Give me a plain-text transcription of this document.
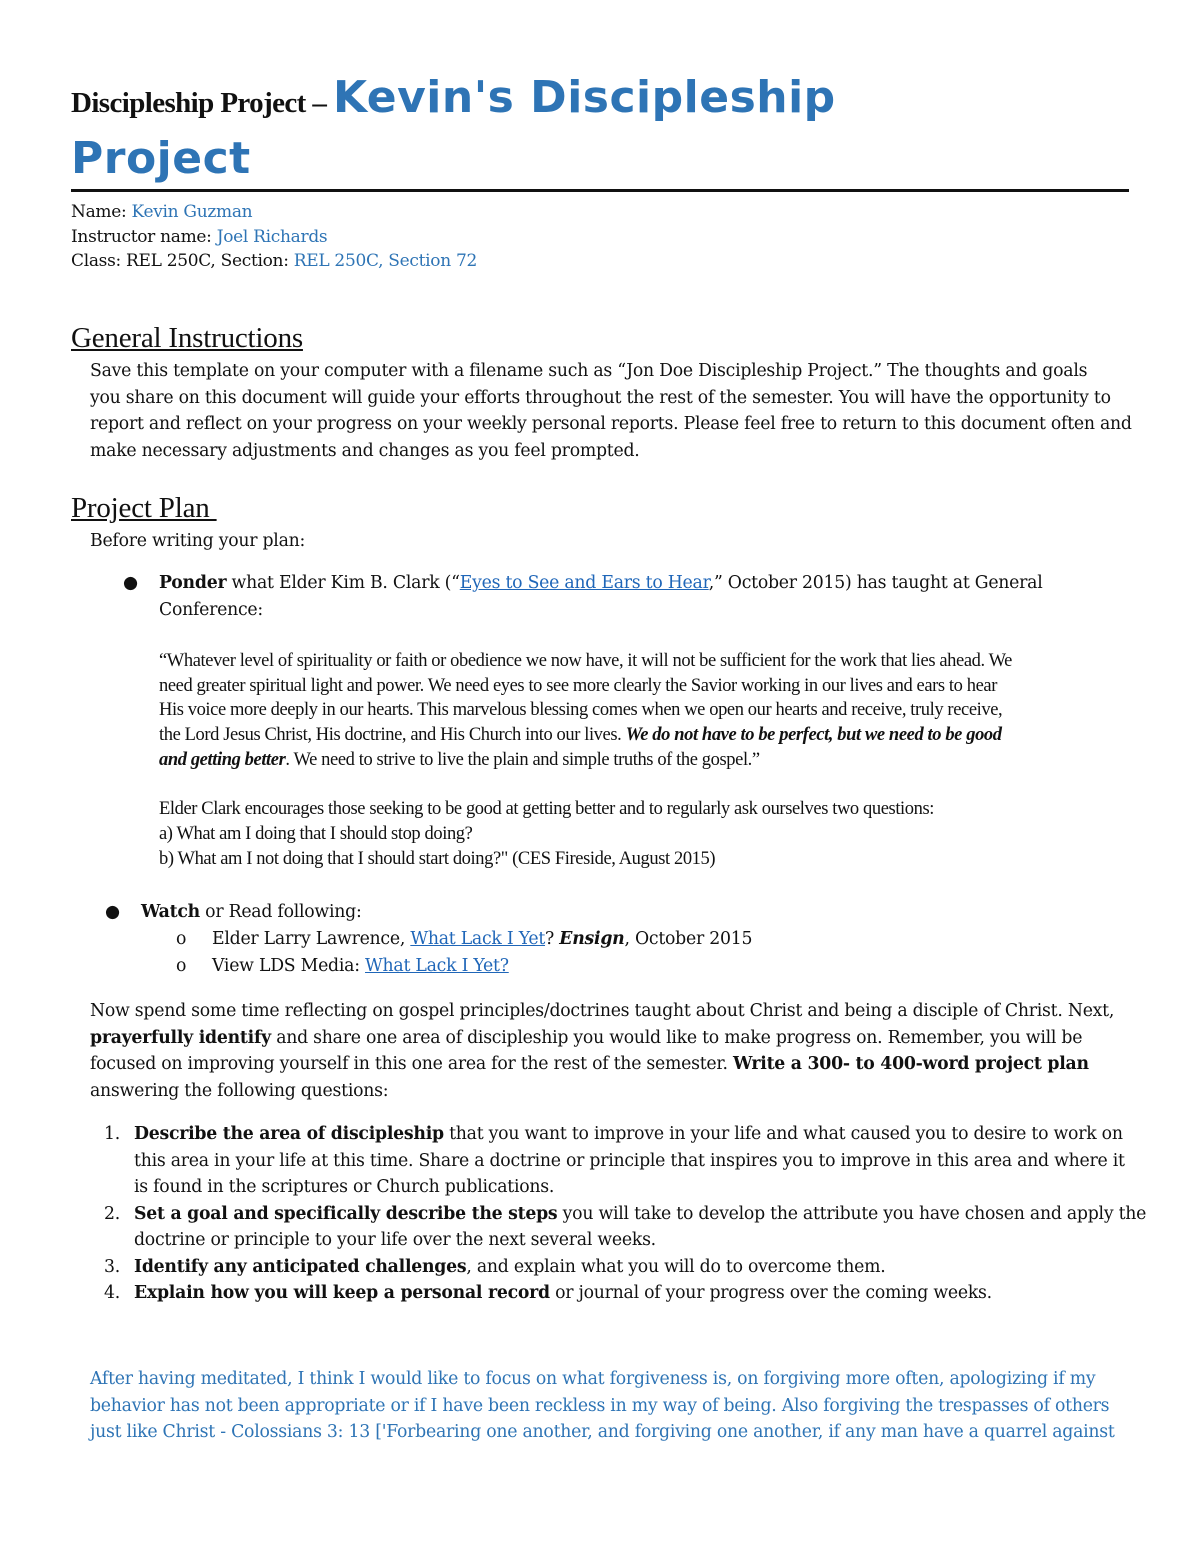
Discipleship Project – Kevin's Discipleship
Project
Name: Kevin Guzman
Instructor name: Joel Richards
Class: REL 250C, Section: REL 250C, Section 72
General Instructions
Save this template on your computer with a filename such as “Jon Doe Discipleship Project.” The thoughts and goals
you share on this document will guide your efforts throughout the rest of the semester. You will have the opportunity to
report and reflect on your progress on your weekly personal reports. Please feel free to return to this document often and
make necessary adjustments and changes as you feel prompted.
Project Plan
Before writing your plan:
● Ponder what Elder Kim B. Clark (“Eyes to See and Ears to Hear,” October 2015) has taught at General
Conference:
“Whatever level of spirituality or faith or obedience we now have, it will not be sufficient for the work that lies ahead. We
need greater spiritual light and power. We need eyes to see more clearly the Savior working in our lives and ears to hear
His voice more deeply in our hearts. This marvelous blessing comes when we open our hearts and receive, truly receive,
the Lord Jesus Christ, His doctrine, and His Church into our lives. We do not have to be perfect, but we need to be good
and getting better. We need to strive to live the plain and simple truths of the gospel.”
Elder Clark encourages those seeking to be good at getting better and to regularly ask ourselves two questions:
a) What am I doing that I should stop doing?
b) What am I not doing that I should start doing?" (CES Fireside, August 2015)
● Watch or Read following:
o Elder Larry Lawrence, What Lack I Yet? Ensign, October 2015
o View LDS Media: What Lack I Yet?
Now spend some time reflecting on gospel principles/doctrines taught about Christ and being a disciple of Christ. Next,
prayerfully identify and share one area of discipleship you would like to make progress on. Remember, you will be
focused on improving yourself in this one area for the rest of the semester. Write a 300- to 400-word project plan
answering the following questions:
1. Describe the area of discipleship that you want to improve in your life and what caused you to desire to work on
this area in your life at this time. Share a doctrine or principle that inspires you to improve in this area and where it
is found in the scriptures or Church publications.
2. Set a goal and specifically describe the steps you will take to develop the attribute you have chosen and apply the
doctrine or principle to your life over the next several weeks.
3. Identify any anticipated challenges, and explain what you will do to overcome them.
4. Explain how you will keep a personal record or journal of your progress over the coming weeks.
After having meditated, I think I would like to focus on what forgiveness is, on forgiving more often, apologizing if my
behavior has not been appropriate or if I have been reckless in my way of being. Also forgiving the trespasses of others
just like Christ - Colossians 3: 13 ['Forbearing one another, and forgiving one another, if any man have a quarrel against
